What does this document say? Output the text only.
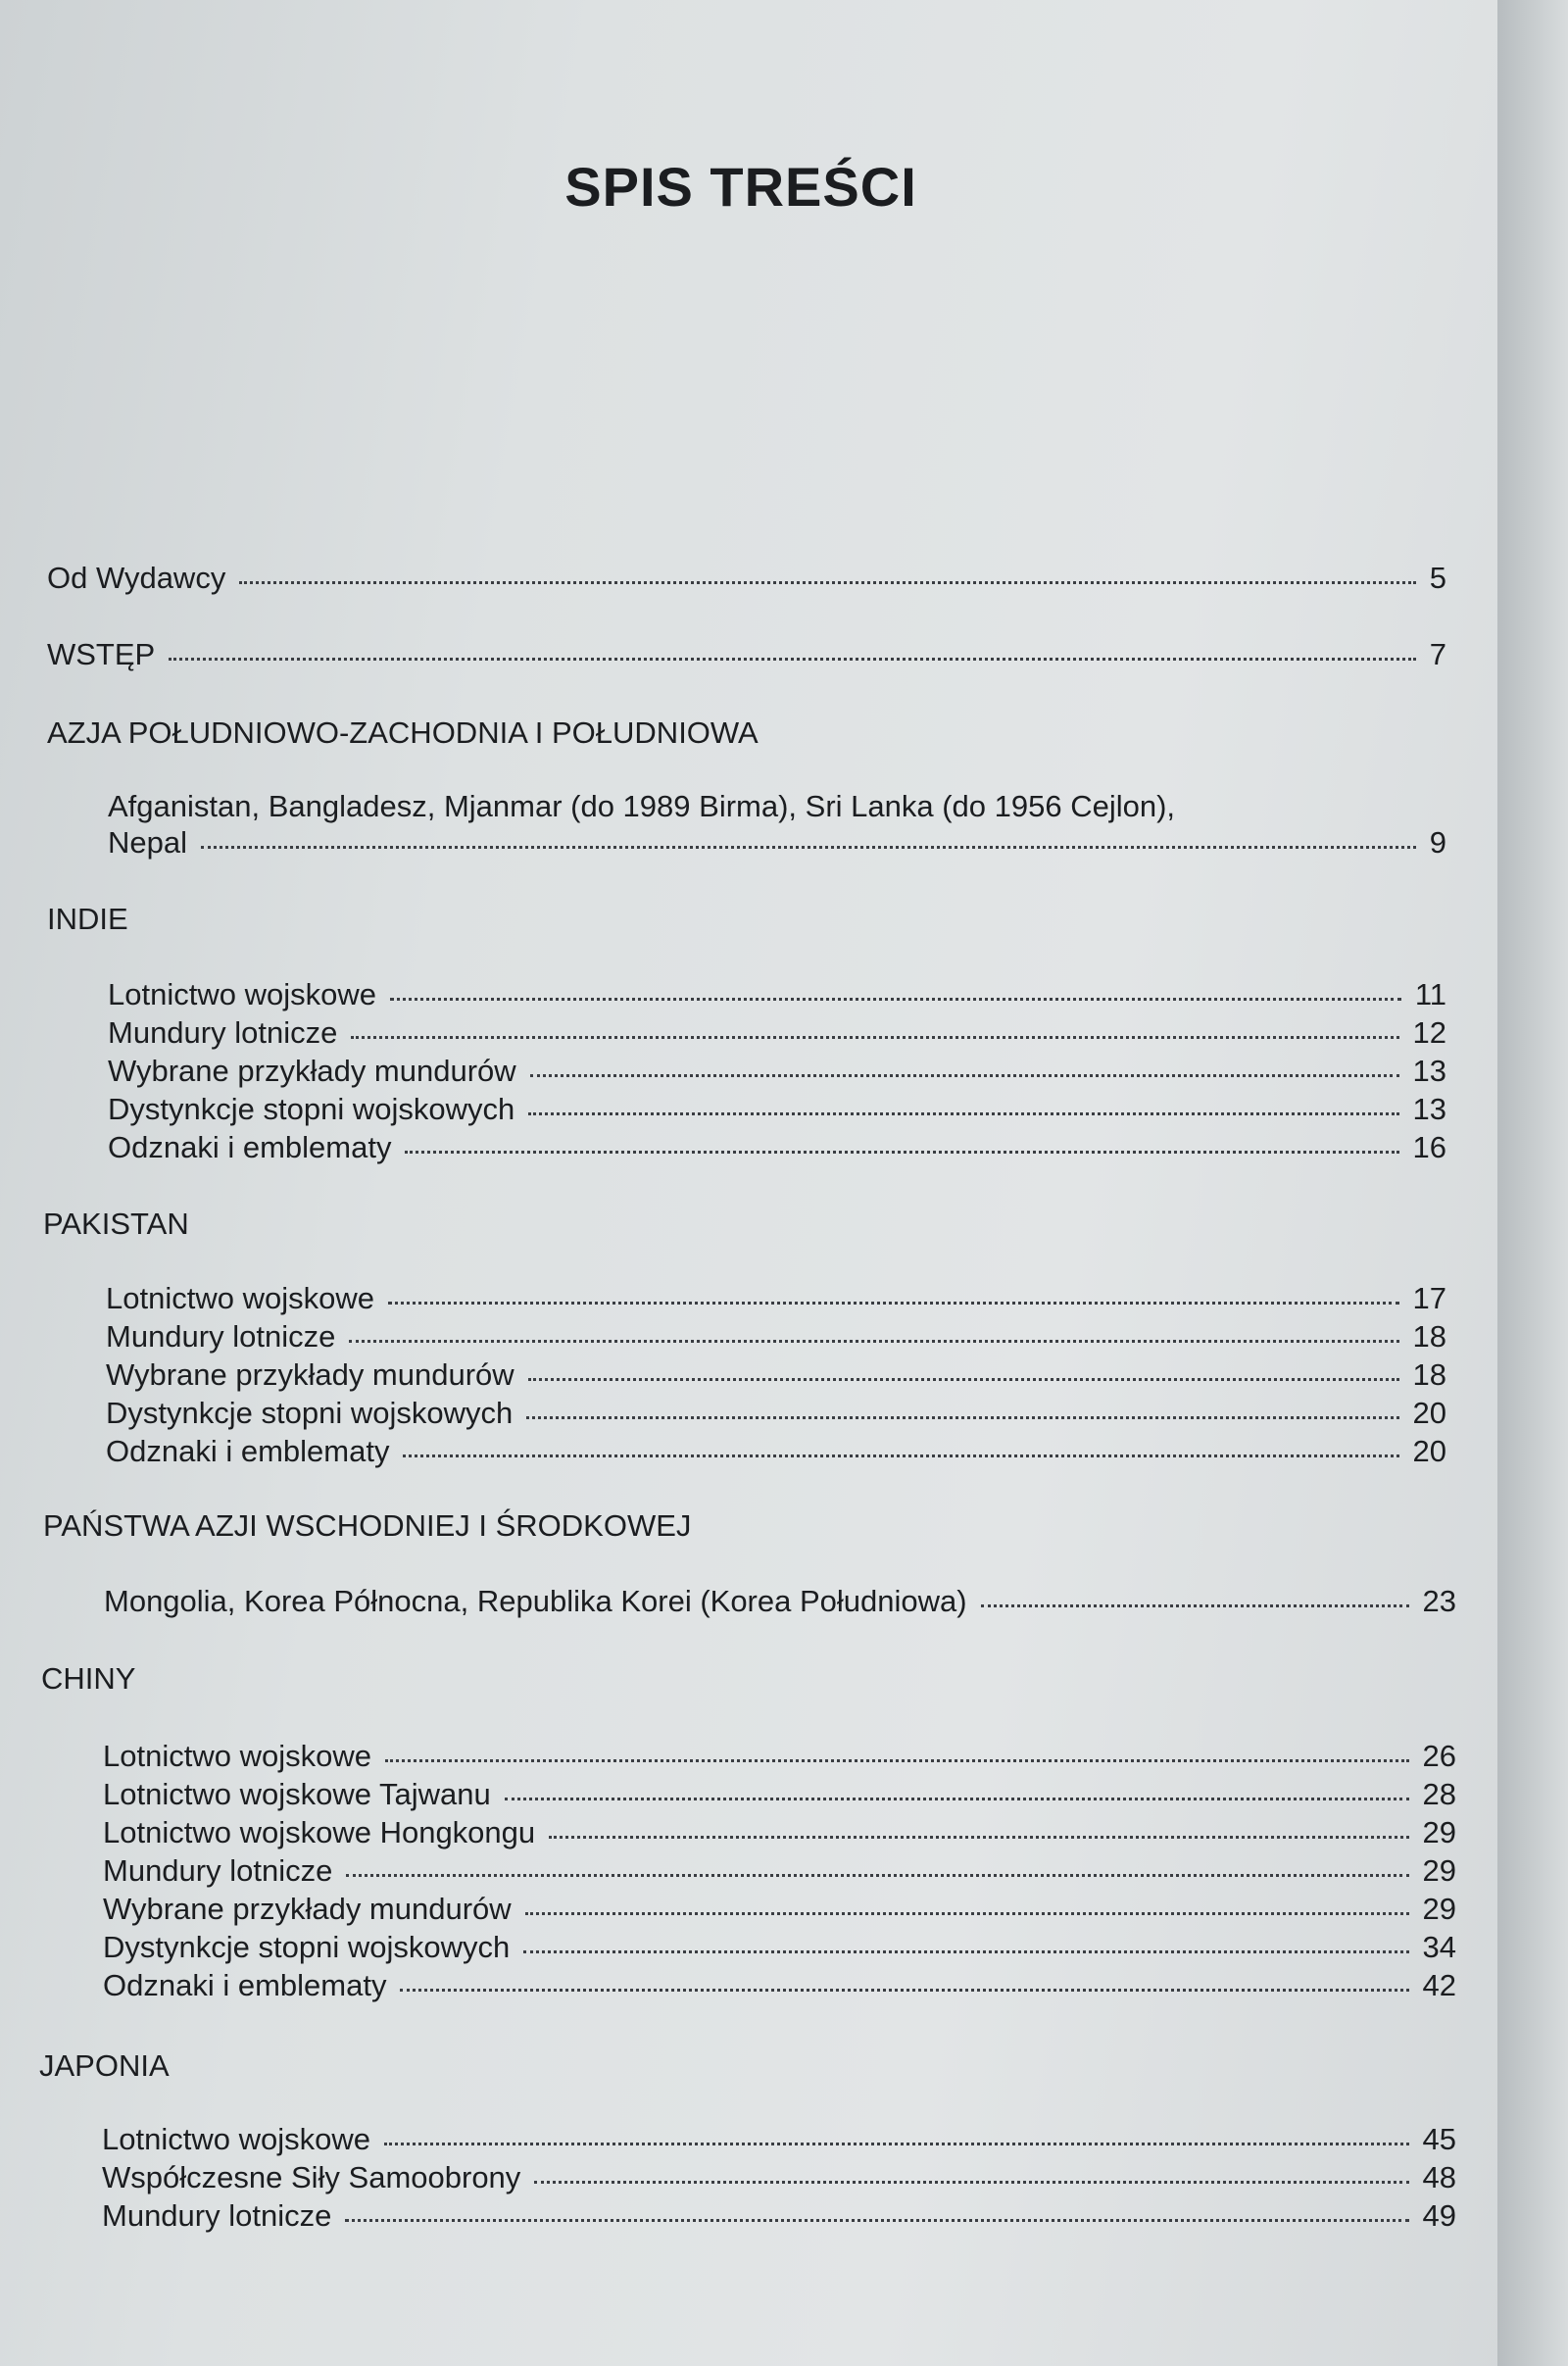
SPIS TREŚCI
Od Wydawcy	5
WSTĘP	7
AZJA POŁUDNIOWO-ZACHODNIA I POŁUDNIOWA
Afganistan, Bangladesz, Mjanmar (do 1989 Birma), Sri Lanka (do 1956 Cejlon),
Nepal	9
INDIE
Lotnictwo wojskowe	11
Mundury lotnicze	12
Wybrane przykłady mundurów	13
Dystynkcje stopni wojskowych	13
Odznaki i emblematy	16
PAKISTAN
Lotnictwo wojskowe	17
Mundury lotnicze	18
Wybrane przykłady mundurów	18
Dystynkcje stopni wojskowych	20
Odznaki i emblematy	20
PAŃSTWA AZJI WSCHODNIEJ I ŚRODKOWEJ
Mongolia, Korea Północna, Republika Korei (Korea Południowa)	23
CHINY
Lotnictwo wojskowe	26
Lotnictwo wojskowe Tajwanu	28
Lotnictwo wojskowe Hongkongu	29
Mundury lotnicze	29
Wybrane przykłady mundurów	29
Dystynkcje stopni wojskowych	34
Odznaki i emblematy	42
JAPONIA
Lotnictwo wojskowe	45
Współczesne Siły Samoobrony	48
Mundury lotnicze	49
